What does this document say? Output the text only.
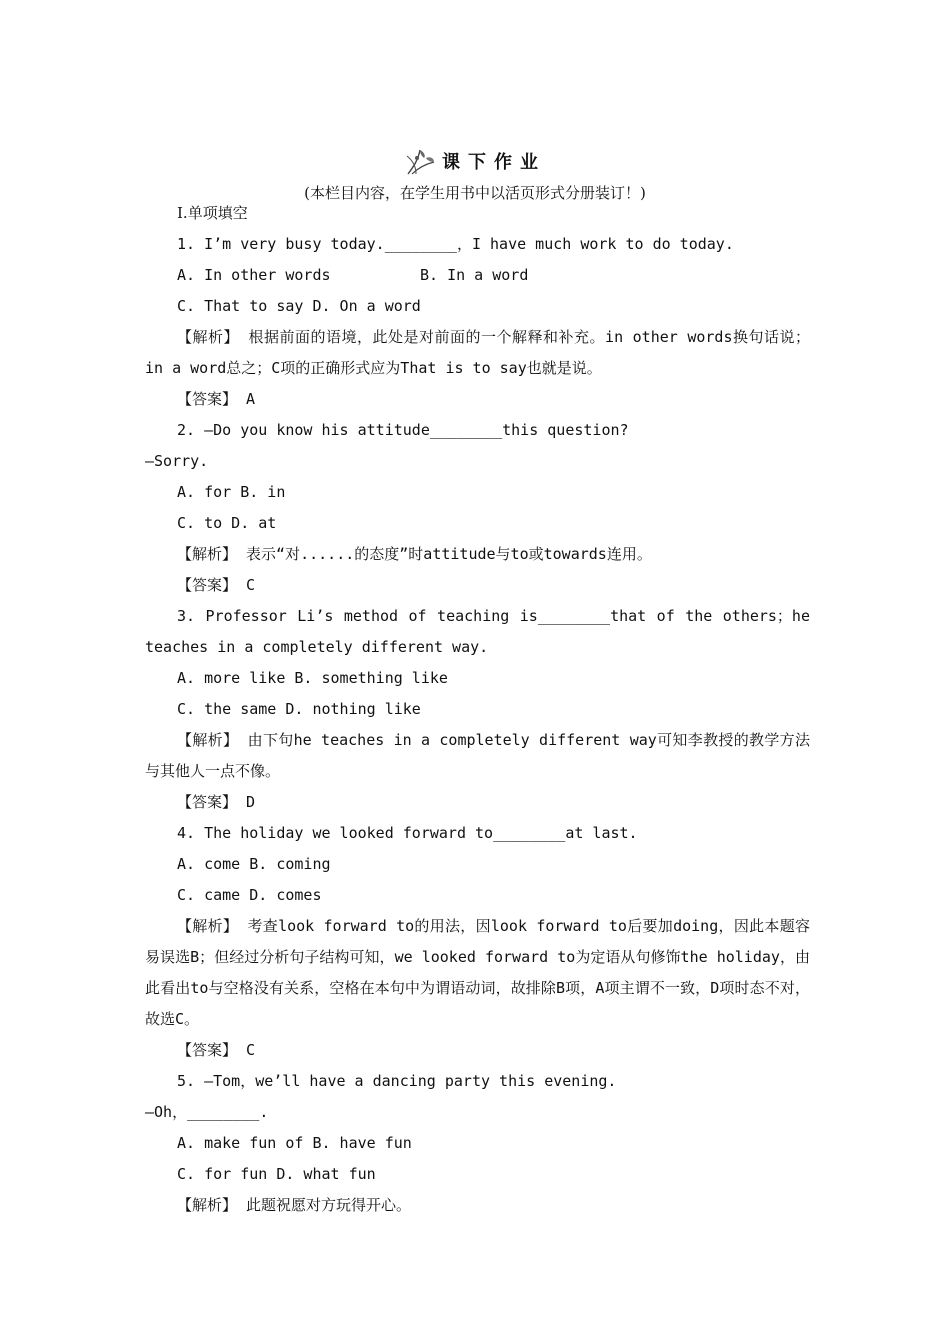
课下作业
(本栏目内容，在学生用书中以活页形式分册装订！)
Ⅰ.单项填空
1. I’m very busy today.________，I have much work to do today.
A. In other words	B. In a word
C. That to say D. On a word
【解析】 根据前面的语境，此处是对前面的一个解释和补充。in other words换句话说；in a word总之；C项的正确形式应为That is to say也就是说。
【答案】 A
2. —Do you know his attitude________this question?
—Sorry.
A. for B. in
C. to D. at
【解析】 表示“对......的态度”时attitude与to或towards连用。
【答案】 C
3. Professor Li’s method of teaching is________that of the others；he teaches in a completely different way.
A. more like B. something like
C. the same D. nothing like
【解析】 由下句he teaches in a completely different way可知李教授的教学方法与其他人一点不像。
【答案】 D
4. The holiday we looked forward to________at last.
A. come B. coming
C. came D. comes
【解析】 考查look forward to的用法，因look forward to后要加doing，因此本题容易误选B；但经过分析句子结构可知，we looked forward to为定语从句修饰the holiday，由此看出to与空格没有关系，空格在本句中为谓语动词，故排除B项，A项主谓不一致，D项时态不对，故选C。
【答案】 C
5. —Tom，we’ll have a dancing party this evening.
—Oh，________.
A. make fun of B. have fun
C. for fun D. what fun
【解析】 此题祝愿对方玩得开心。
